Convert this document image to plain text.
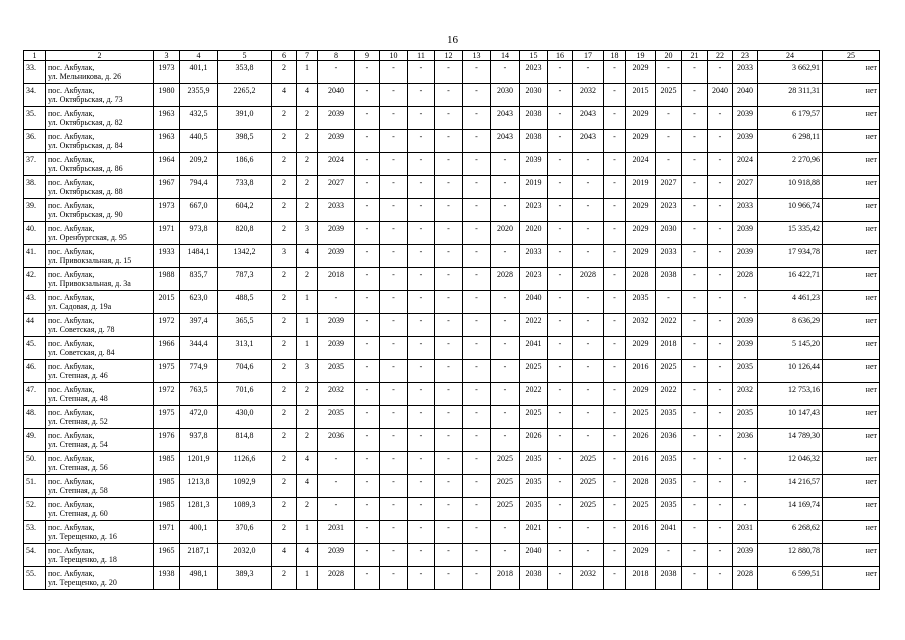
16
1	2	3	4	5	6	7	8	9	10	11	12	13	14	15	16	17	18	19	20	21	22	23	24	25
33.	пос. Акбулак,
ул. Мельникова, д. 26	1973	401,1	353,8	2	1	-	-	-	-	-	-	-	2023	-	-	-	2029	-	-	-	2033	3 662,91	нет
34.	пос. Акбулак,
ул. Октябрьская, д. 73	1980	2355,9	2265,2	4	4	2040	-	-	-	-	-	2030	2030	-	2032	-	2015	2025	-	2040	2040	28 311,31	нет
35.	пос. Акбулак,
ул. Октябрьская, д. 82	1963	432,5	391,0	2	2	2039	-	-	-	-	-	2043	2038	-	2043	-	2029	-	-	-	2039	6 179,57	нет
36.	пос. Акбулак,
ул. Октябрьская, д. 84	1963	440,5	398,5	2	2	2039	-	-	-	-	-	2043	2038	-	2043	-	2029	-	-	-	2039	6 298,11	нет
37.	пос. Акбулак,
ул. Октябрьская, д. 86	1964	209,2	186,6	2	2	2024	-	-	-	-	-	-	2039	-	-	-	2024	-	-	-	2024	2 270,96	нет
38.	пос. Акбулак,
ул. Октябрьская, д. 88	1967	794,4	733,8	2	2	2027	-	-	-	-	-	-	2019	-	-	-	2019	2027	-	-	2027	10 918,88	нет
39.	пос. Акбулак,
ул. Октябрьская, д. 90	1973	667,0	604,2	2	2	2033	-	-	-	-	-	-	2023	-	-	-	2029	2023	-	-	2033	10 966,74	нет
40.	пос. Акбулак,
ул. Оренбургская, д. 95	1971	973,8	820,8	2	3	2039	-	-	-	-	-	2020	2020	-	-	-	2029	2030	-	-	2039	15 335,42	нет
41.	пос. Акбулак,
ул. Привокзальная, д. 15	1933	1484,1	1342,2	3	4	2039	-	-	-	-	-	-	2033	-	-	-	2029	2033	-	-	2039	17 934,78	нет
42.	пос. Акбулак,
ул. Привокзальная, д. 3а	1988	835,7	787,3	2	2	2018	-	-	-	-	-	2028	2023	-	2028	-	2028	2038	-	-	2028	16 422,71	нет
43.	пос. Акбулак,
ул. Садовая, д. 19а	2015	623,0	488,5	2	1	-	-	-	-	-	-	-	2040	-	-	-	2035	-	-	-	-	4 461,23	нет
44	пос. Акбулак,
ул. Советская, д. 78	1972	397,4	365,5	2	1	2039	-	-	-	-	-	-	2022	-	-	-	2032	2022	-	-	2039	8 636,29	нет
45.	пос. Акбулак,
ул. Советская, д. 84	1966	344,4	313,1	2	1	2039	-	-	-	-	-	-	2041	-	-	-	2029	2018	-	-	2039	5 145,20	нет
46.	пос. Акбулак,
ул. Степная, д. 46	1975	774,9	704,6	2	3	2035	-	-	-	-	-	-	2025	-	-	-	2016	2025	-	-	2035	10 126,44	нет
47.	пос. Акбулак,
ул. Степная, д. 48	1972	763,5	701,6	2	2	2032	-	-	-	-	-	-	2022	-	-	-	2029	2022	-	-	2032	12 753,16	нет
48.	пос. Акбулак,
ул. Степная, д. 52	1975	472,0	430,0	2	2	2035	-	-	-	-	-	-	2025	-	-	-	2025	2035	-	-	2035	10 147,43	нет
49.	пос. Акбулак,
ул. Степная, д. 54	1976	937,8	814,8	2	2	2036	-	-	-	-	-	-	2026	-	-	-	2026	2036	-	-	2036	14 789,30	нет
50.	пос. Акбулак,
ул. Степная, д. 56	1985	1201,9	1126,6	2	4	-	-	-	-	-	-	2025	2035	-	2025	-	2016	2035	-	-	-	12 046,32	нет
51.	пос. Акбулак,
ул. Степная, д. 58	1985	1213,8	1092,9	2	4	-	-	-	-	-	-	2025	2035	-	2025	-	2028	2035	-	-	-	14 216,57	нет
52.	пос. Акбулак,
ул. Степная, д. 60	1985	1281,3	1089,3	2	2	-	-	-	-	-	-	2025	2035	-	2025	-	2025	2035	-	-	-	14 169,74	нет
53.	пос. Акбулак,
ул. Терещенко, д. 16	1971	400,1	370,6	2	1	2031	-	-	-	-	-	-	2021	-	-	-	2016	2041	-	-	2031	6 268,62	нет
54.	пос. Акбулак,
ул. Терещенко, д. 18	1965	2187,1	2032,0	4	4	2039	-	-	-	-	-	-	2040	-	-	-	2029	-	-	-	2039	12 880,78	нет
55.	пос. Акбулак,
ул. Терещенко, д. 20	1938	498,1	389,3	2	1	2028	-	-	-	-	-	2018	2038	-	2032	-	2018	2038	-	-	2028	6 599,51	нет
